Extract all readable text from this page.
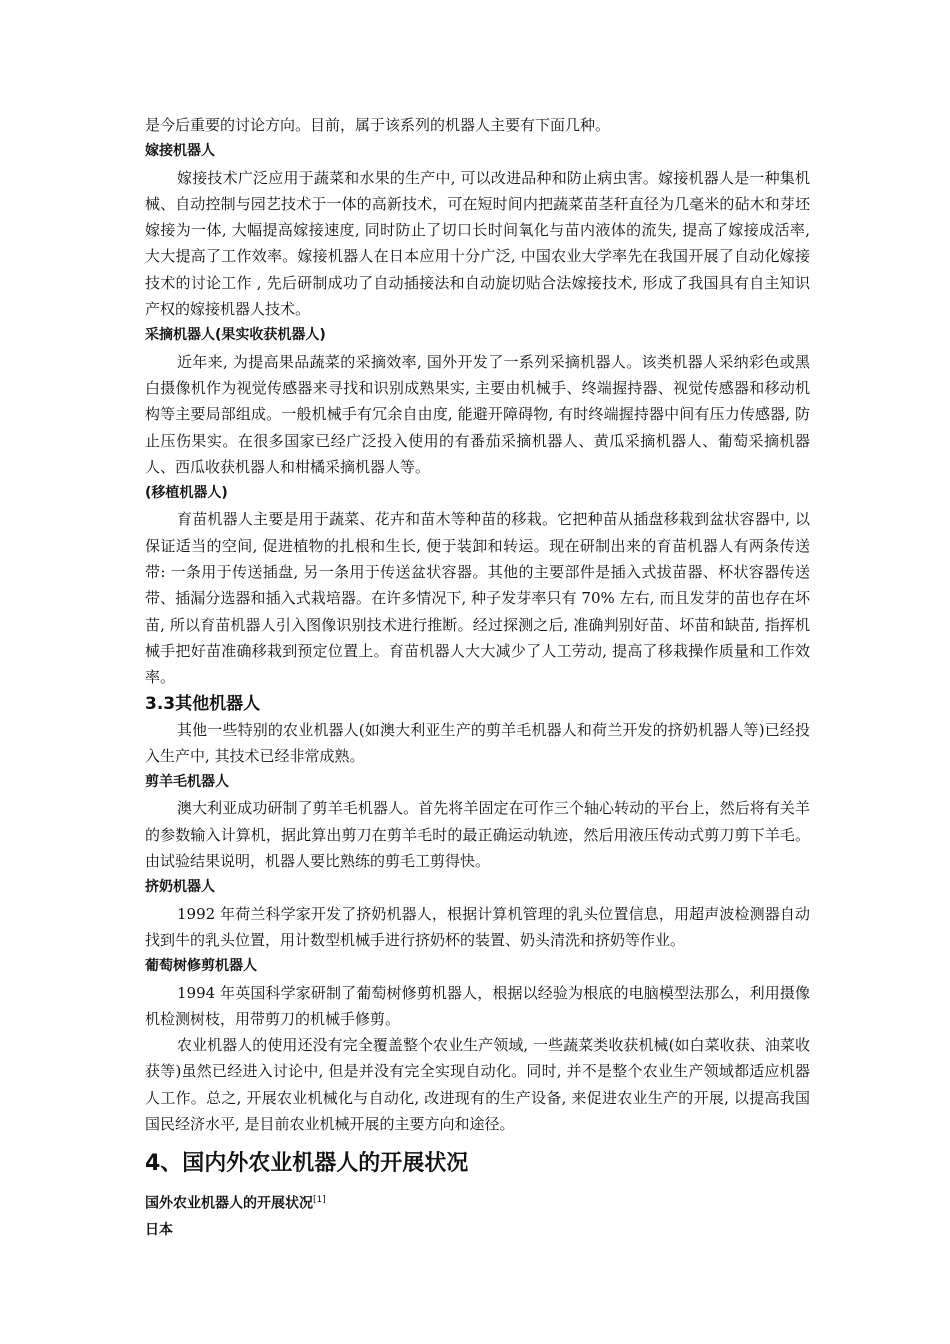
是今后重要的讨论方向。目前，属于该系列的机器人主要有下面几种。

嫁接机器人

嫁接技术广泛应用于蔬菜和水果的生产中, 可以改进品种和防止病虫害。嫁接机器人是一种集机械、自动控制与园艺技术于一体的高新技术，可在短时间内把蔬菜苗茎秆直径为几毫米的砧木和芽坯嫁接为一体, 大幅提高嫁接速度, 同时防止了切口长时间氧化与苗内液体的流失, 提高了嫁接成活率, 大大提高了工作效率。嫁接机器人在日本应用十分广泛, 中国农业大学率先在我国开展了自动化嫁接技术的讨论工作 , 先后研制成功了自动插接法和自动旋切贴合法嫁接技术, 形成了我国具有自主知识产权的嫁接机器人技术。

采摘机器人(果实收获机器人)

近年来, 为提高果品蔬菜的采摘效率, 国外开发了一系列采摘机器人。该类机器人采纳彩色或黑白摄像机作为视觉传感器来寻找和识别成熟果实, 主要由机械手、终端握持器、视觉传感器和移动机构等主要局部组成。一般机械手有冗余自由度, 能避开障碍物, 有时终端握持器中间有压力传感器, 防止压伤果实。在很多国家已经广泛投入使用的有番茄采摘机器人、黄瓜采摘机器人、葡萄采摘机器人、西瓜收获机器人和柑橘采摘机器人等。

(移植机器人)

育苗机器人主要是用于蔬菜、花卉和苗木等种苗的移栽。它把种苗从插盘移栽到盆状容器中, 以保证适当的空间, 促进植物的扎根和生长, 便于装卸和转运。现在研制出来的育苗机器人有两条传送带: 一条用于传送插盘, 另一条用于传送盆状容器。其他的主要部件是插入式拔苗器、杯状容器传送带、插漏分选器和插入式栽培器。在许多情况下, 种子发芽率只有 70% 左右, 而且发芽的苗也存在坏苗, 所以育苗机器人引入图像识别技术进行推断。经过探测之后, 准确判别好苗、坏苗和缺苗, 指挥机械手把好苗准确移栽到预定位置上。育苗机器人大大减少了人工劳动, 提高了移栽操作质量和工作效率。

3.3其他机器人

其他一些特别的农业机器人(如澳大利亚生产的剪羊毛机器人和荷兰开发的挤奶机器人等)已经投入生产中, 其技术已经非常成熟。

剪羊毛机器人

澳大利亚成功研制了剪羊毛机器人。首先将羊固定在可作三个轴心转动的平台上，然后将有关羊的参数输入计算机，据此算出剪刀在剪羊毛时的最正确运动轨迹，然后用液压传动式剪刀剪下羊毛。由试验结果说明，机器人要比熟练的剪毛工剪得快。

挤奶机器人

1992 年荷兰科学家开发了挤奶机器人，根据计算机管理的乳头位置信息，用超声波检测器自动找到牛的乳头位置，用计数型机械手进行挤奶杯的装置、奶头清洗和挤奶等作业。

葡萄树修剪机器人

1994 年英国科学家研制了葡萄树修剪机器人，根据以经验为根底的电脑模型法那么，利用摄像机检测树枝，用带剪刀的机械手修剪。

农业机器人的使用还没有完全覆盖整个农业生产领域, 一些蔬菜类收获机械(如白菜收获、油菜收获等)虽然已经进入讨论中, 但是并没有完全实现自动化。同时, 并不是整个农业生产领域都适应机器人工作。总之, 开展农业机械化与自动化, 改进现有的生产设备, 来促进农业生产的开展, 以提高我国国民经济水平, 是目前农业机械开展的主要方向和途径。

4、国内外农业机器人的开展状况

国外农业机器人的开展状况[1]

日本
